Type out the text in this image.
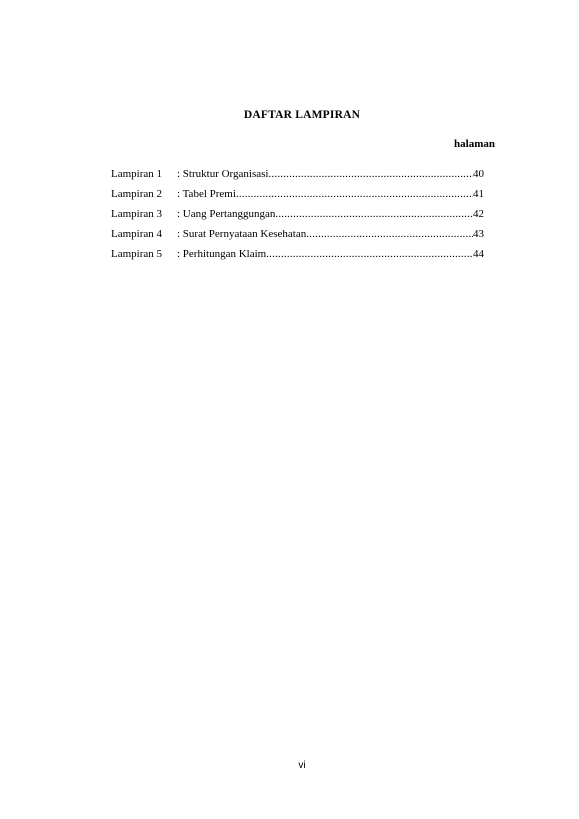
DAFTAR LAMPIRAN
halaman
Lampiran 1	: Struktur Organisasi .....	40
Lampiran 2	: Tabel Premi .....	41
Lampiran 3	: Uang Pertanggungan .....	42
Lampiran 4	: Surat Pernyataan Kesehatan .....	43
Lampiran 5	: Perhitungan Klaim .....	44
vi
